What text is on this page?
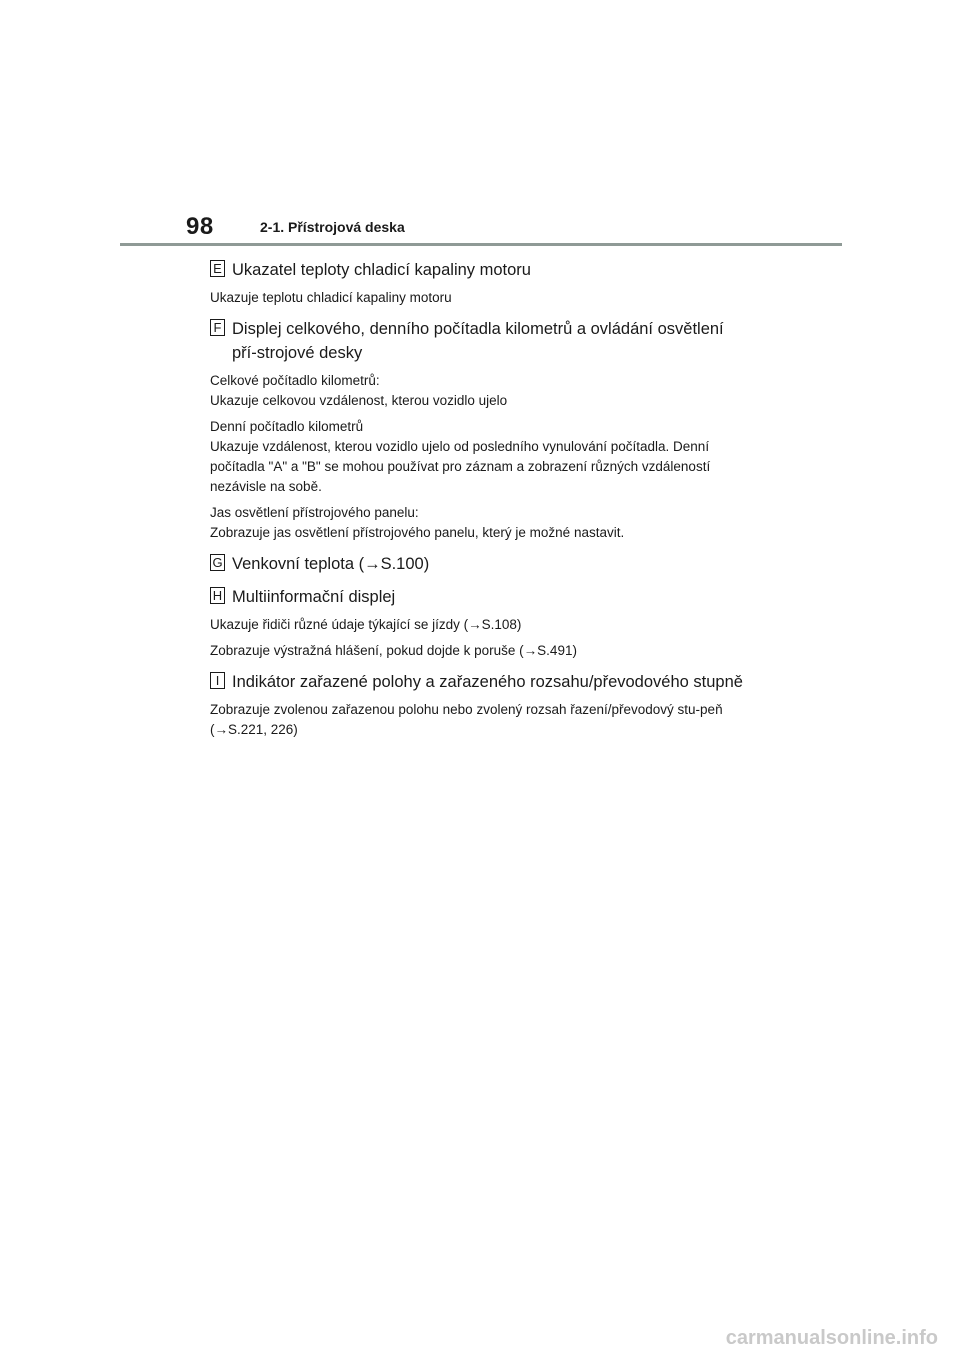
98	2-1. Přístrojová deska
E Ukazatel teploty chladicí kapaliny motoru

Ukazuje teplotu chladicí kapaliny motoru

F Displej celkového, denního počítadla kilometrů a ovládání osvětlení pří-strojové desky

Celkové počítadlo kilometrů:
Ukazuje celkovou vzdálenost, kterou vozidlo ujelo

Denní počítadlo kilometrů
Ukazuje vzdálenost, kterou vozidlo ujelo od posledního vynulování počítadla. Denní počítadla "A" a "B" se mohou používat pro záznam a zobrazení různých vzdáleností nezávisle na sobě.

Jas osvětlení přístrojového panelu:
Zobrazuje jas osvětlení přístrojového panelu, který je možné nastavit.

G Venkovní teplota (→S.100)
H Multiinformační displej

Ukazuje řidiči různé údaje týkající se jízdy (→S.108)

Zobrazuje výstražná hlášení, pokud dojde k poruše (→S.491)

I Indikátor zařazené polohy a zařazeného rozsahu/převodového stupně

Zobrazuje zvolenou zařazenou polohu nebo zvolený rozsah řazení/převodový stu-peň (→S.221, 226)

carmanualsonline.info
